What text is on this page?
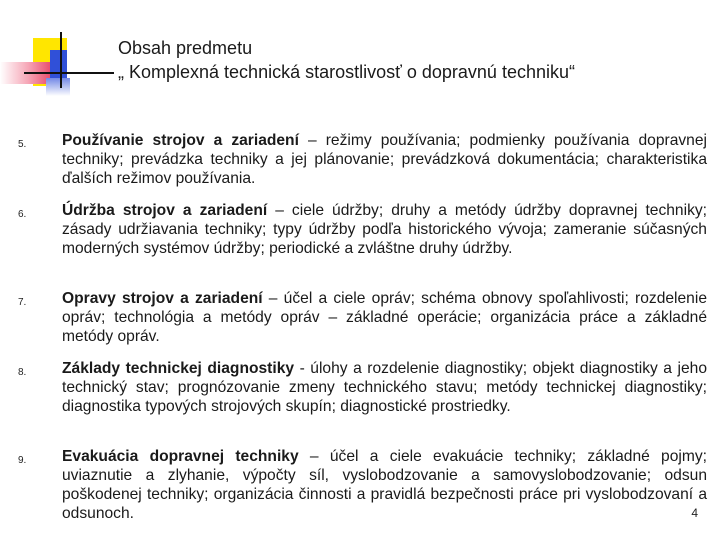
Obsah predmetu
„ Komplexná technická starostlivosť o dopravnú techniku“
5. Používanie strojov a zariadení – režimy používania; podmienky používania dopravnej techniky; prevádzka techniky a jej plánovanie; prevádzková dokumentácia; charakteristika ďalších režimov používania.
6. Údržba strojov a zariadení – ciele údržby; druhy a metódy údržby dopravnej techniky; zásady udržiavania techniky; typy údržby podľa historického vývoja; zameranie súčasných moderných systémov údržby; periodické a zvláštne druhy údržby.
7. Opravy strojov a zariadení – účel a ciele opráv; schéma obnovy spoľahlivosti; rozdelenie opráv; technológia a metódy opráv – základné operácie; organizácia práce a základné metódy opráv.
8. Základy technickej diagnostiky - úlohy a rozdelenie diagnostiky; objekt diagnostiky a jeho technický stav; prognózovanie zmeny technického stavu; metódy technickej diagnostiky; diagnostika typových strojových skupín; diagnostické prostriedky.
9. Evakuácia dopravnej techniky – účel a ciele evakuácie techniky; základné pojmy; uviaznutie a zlyhanie, výpočty síl, vyslobodzovanie a samovyslobodzovanie; odsun poškodenej techniky; organizácia činnosti a pravidlá bezpečnosti práce pri vyslobodzovaní a odsunoch.	4
